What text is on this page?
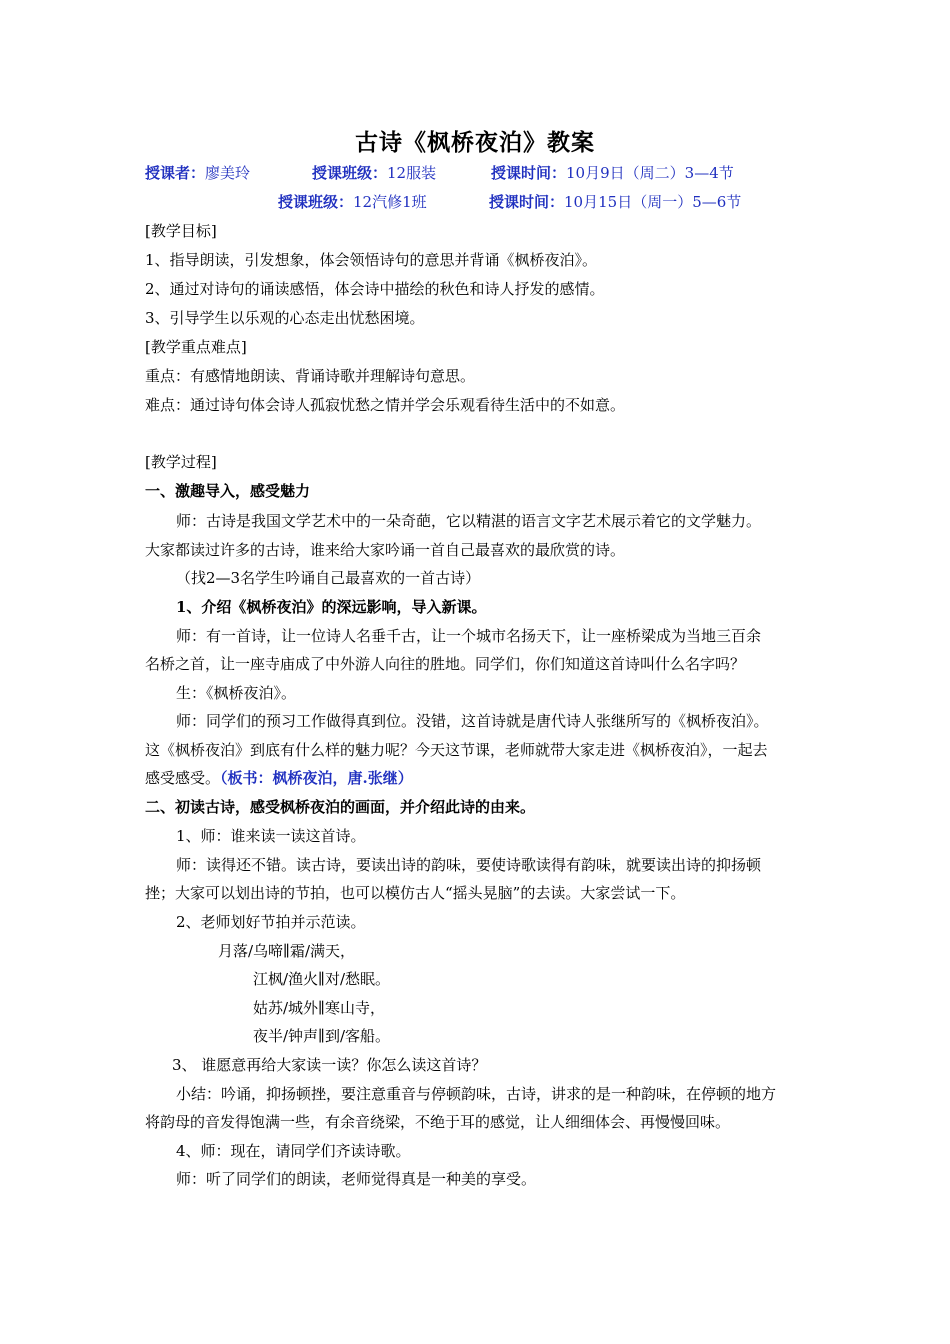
古诗《枫桥夜泊》教案
授课者：廖美玲	授课班级：12服装	授课时间：10月9日（周二）3—4节
授课班级：12汽修1班	授课时间：10月15日（周一）5—6节
[教学目标]
1、指导朗读，引发想象，体会领悟诗句的意思并背诵《枫桥夜泊》。
2、通过对诗句的诵读感悟，体会诗中描绘的秋色和诗人抒发的感情。
3、引导学生以乐观的心态走出忧愁困境。
[教学重点难点]
重点：有感情地朗读、背诵诗歌并理解诗句意思。
难点：通过诗句体会诗人孤寂忧愁之情并学会乐观看待生活中的不如意。
[教学过程]
一、激趣导入，感受魅力
师：古诗是我国文学艺术中的一朵奇葩，它以精湛的语言文字艺术展示着它的文学魅力。
大家都读过许多的古诗，谁来给大家吟诵一首自己最喜欢的最欣赏的诗。
（找2—3名学生吟诵自己最喜欢的一首古诗）
1、介绍《枫桥夜泊》的深远影响，导入新课。
师：有一首诗，让一位诗人名垂千古，让一个城市名扬天下，让一座桥梁成为当地三百余
名桥之首，让一座寺庙成了中外游人向往的胜地。同学们，你们知道这首诗叫什么名字吗？
生：《枫桥夜泊》。
师：同学们的预习工作做得真到位。没错，这首诗就是唐代诗人张继所写的《枫桥夜泊》。
这《枫桥夜泊》到底有什么样的魅力呢？今天这节课，老师就带大家走进《枫桥夜泊》，一起去
感受感受。（板书：枫桥夜泊，唐.张继）
二、初读古诗，感受枫桥夜泊的画面，并介绍此诗的由来。
1、师：谁来读一读这首诗。
师：读得还不错。读古诗，要读出诗的韵味，要使诗歌读得有韵味，就要读出诗的抑扬顿
挫；大家可以划出诗的节拍，也可以模仿古人“摇头晃脑”的去读。大家尝试一下。
2、老师划好节拍并示范读。
月落/乌啼∥霜/满天，
江枫/渔火∥对/愁眠。
姑苏/城外∥寒山寺，
夜半/钟声∥到/客船。
3、 谁愿意再给大家读一读？你怎么读这首诗？
小结：吟诵，抑扬顿挫，要注意重音与停顿韵味，古诗，讲求的是一种韵味，在停顿的地方
将韵母的音发得饱满一些，有余音绕梁，不绝于耳的感觉，让人细细体会、再慢慢回味。
4、师：现在，请同学们齐读诗歌。
师：听了同学们的朗读，老师觉得真是一种美的享受。
